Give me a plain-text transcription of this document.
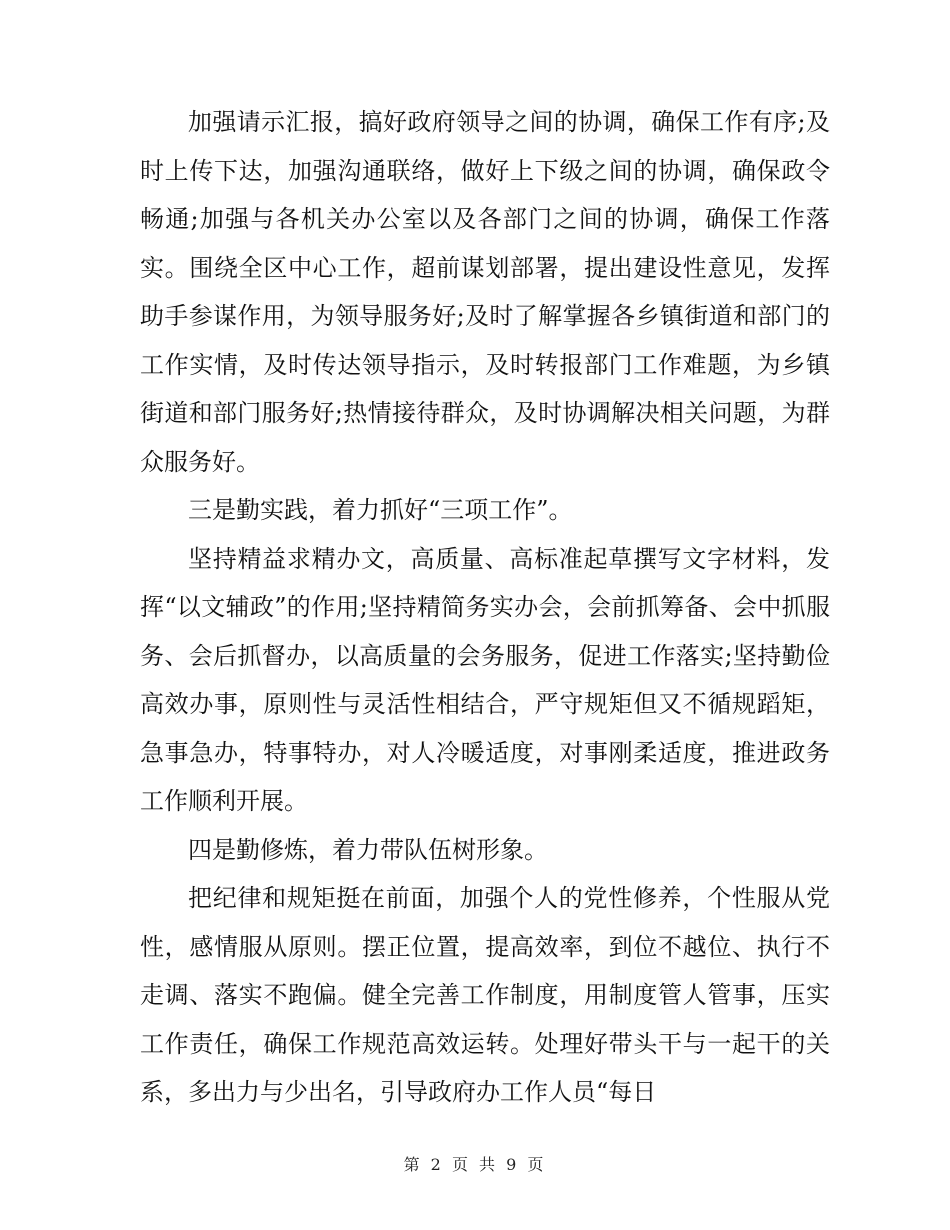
加强请示汇报，搞好政府领导之间的协调，确保工作有序;及时上传下达，加强沟通联络，做好上下级之间的协调，确保政令畅通;加强与各机关办公室以及各部门之间的协调，确保工作落实。围绕全区中心工作，超前谋划部署，提出建设性意见，发挥助手参谋作用，为领导服务好;及时了解掌握各乡镇街道和部门的工作实情，及时传达领导指示，及时转报部门工作难题，为乡镇街道和部门服务好;热情接待群众，及时协调解决相关问题，为群众服务好。

三是勤实践，着力抓好“三项工作”。

坚持精益求精办文，高质量、高标准起草撰写文字材料，发挥“以文辅政”的作用;坚持精简务实办会，会前抓筹备、会中抓服务、会后抓督办，以高质量的会务服务，促进工作落实;坚持勤俭高效办事，原则性与灵活性相结合，严守规矩但又不循规蹈矩，急事急办，特事特办，对人冷暖适度，对事刚柔适度，推进政务工作顺利开展。

四是勤修炼，着力带队伍树形象。

把纪律和规矩挺在前面，加强个人的党性修养，个性服从党性，感情服从原则。摆正位置，提高效率，到位不越位、执行不走调、落实不跑偏。健全完善工作制度，用制度管人管事，压实工作责任，确保工作规范高效运转。处理好带头干与一起干的关系，多出力与少出名，引导政府办工作人员“每日

第 2 页 共 9 页
